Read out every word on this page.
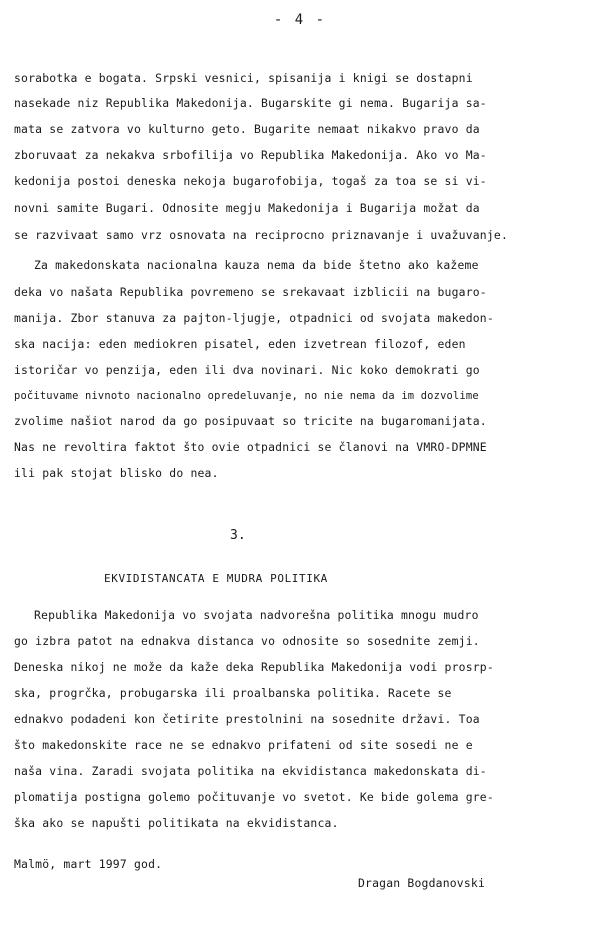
- 4 -
sorabotka e bogata. Srpski vesnici, spisanija i knigi se dostapni
nasekade niz Republika Makedonija. Bugarskite gi nema. Bugarija sa-
mata se zatvora vo kulturno geto. Bugarite nemaat nikakvo pravo da
zboruvaat za nekakva srbofilija vo Republika Makedonija. Ako vo Ma-
kedonija postoi deneska nekoja bugarofobija, togaš za toa se si vi-
novni samite Bugari. Odnosite megju Makedonija i Bugarija možat da
se razvivaat samo vrz osnovata na reciprocno priznavanje i uvažuvanje.
Za makedonskata nacionalna kauza nema da bide štetno ako kažeme
deka vo našata Republika povremeno se srekavaat izblicii na bugaro-
manija. Zbor stanuva za pajton-ljugje, otpadnici od svojata makedon-
ska nacija: eden mediokren pisatel, eden izvetrean filozof, eden
istoričar vo penzija, eden ili dva novinari. Nic koko demokrati go
počituvame nivnoto nacionalno opredeluvanje, no nie nema da im dozvolime
zvolime našiot narod da go posipuvaat so tricite na bugaromanijata.
Nas ne revoltira faktot što ovie otpadnici se članovi na VMRO-DPMNE
ili pak stojat blisko do nea.
3.
EKVIDISTANCATA E MUDRA POLITIKA
Republika Makedonija vo svojata nadvorešna politika mnogu mudro
go izbra patot na ednakva distanca vo odnosite so sosednite zemji.
Deneska nikoj ne može da kaže deka Republika Makedonija vodi prosrp-
ska, progrčka, probugarska ili proalbanska politika. Racete se
ednakvo podadeni kon četirite prestolnini na sosednite državi. Toa
što makedonskite race ne se ednakvo prifateni od site sosedi ne e
naša vina. Zaradi svojata politika na ekvidistanca makedonskata di-
plomatija postigna golemo počituvanje vo svetot. Ke bide golema gre-
ška ako se napušti politikata na ekvidistanca.
Malmö, mart 1997 god.
Dragan Bogdanovski
